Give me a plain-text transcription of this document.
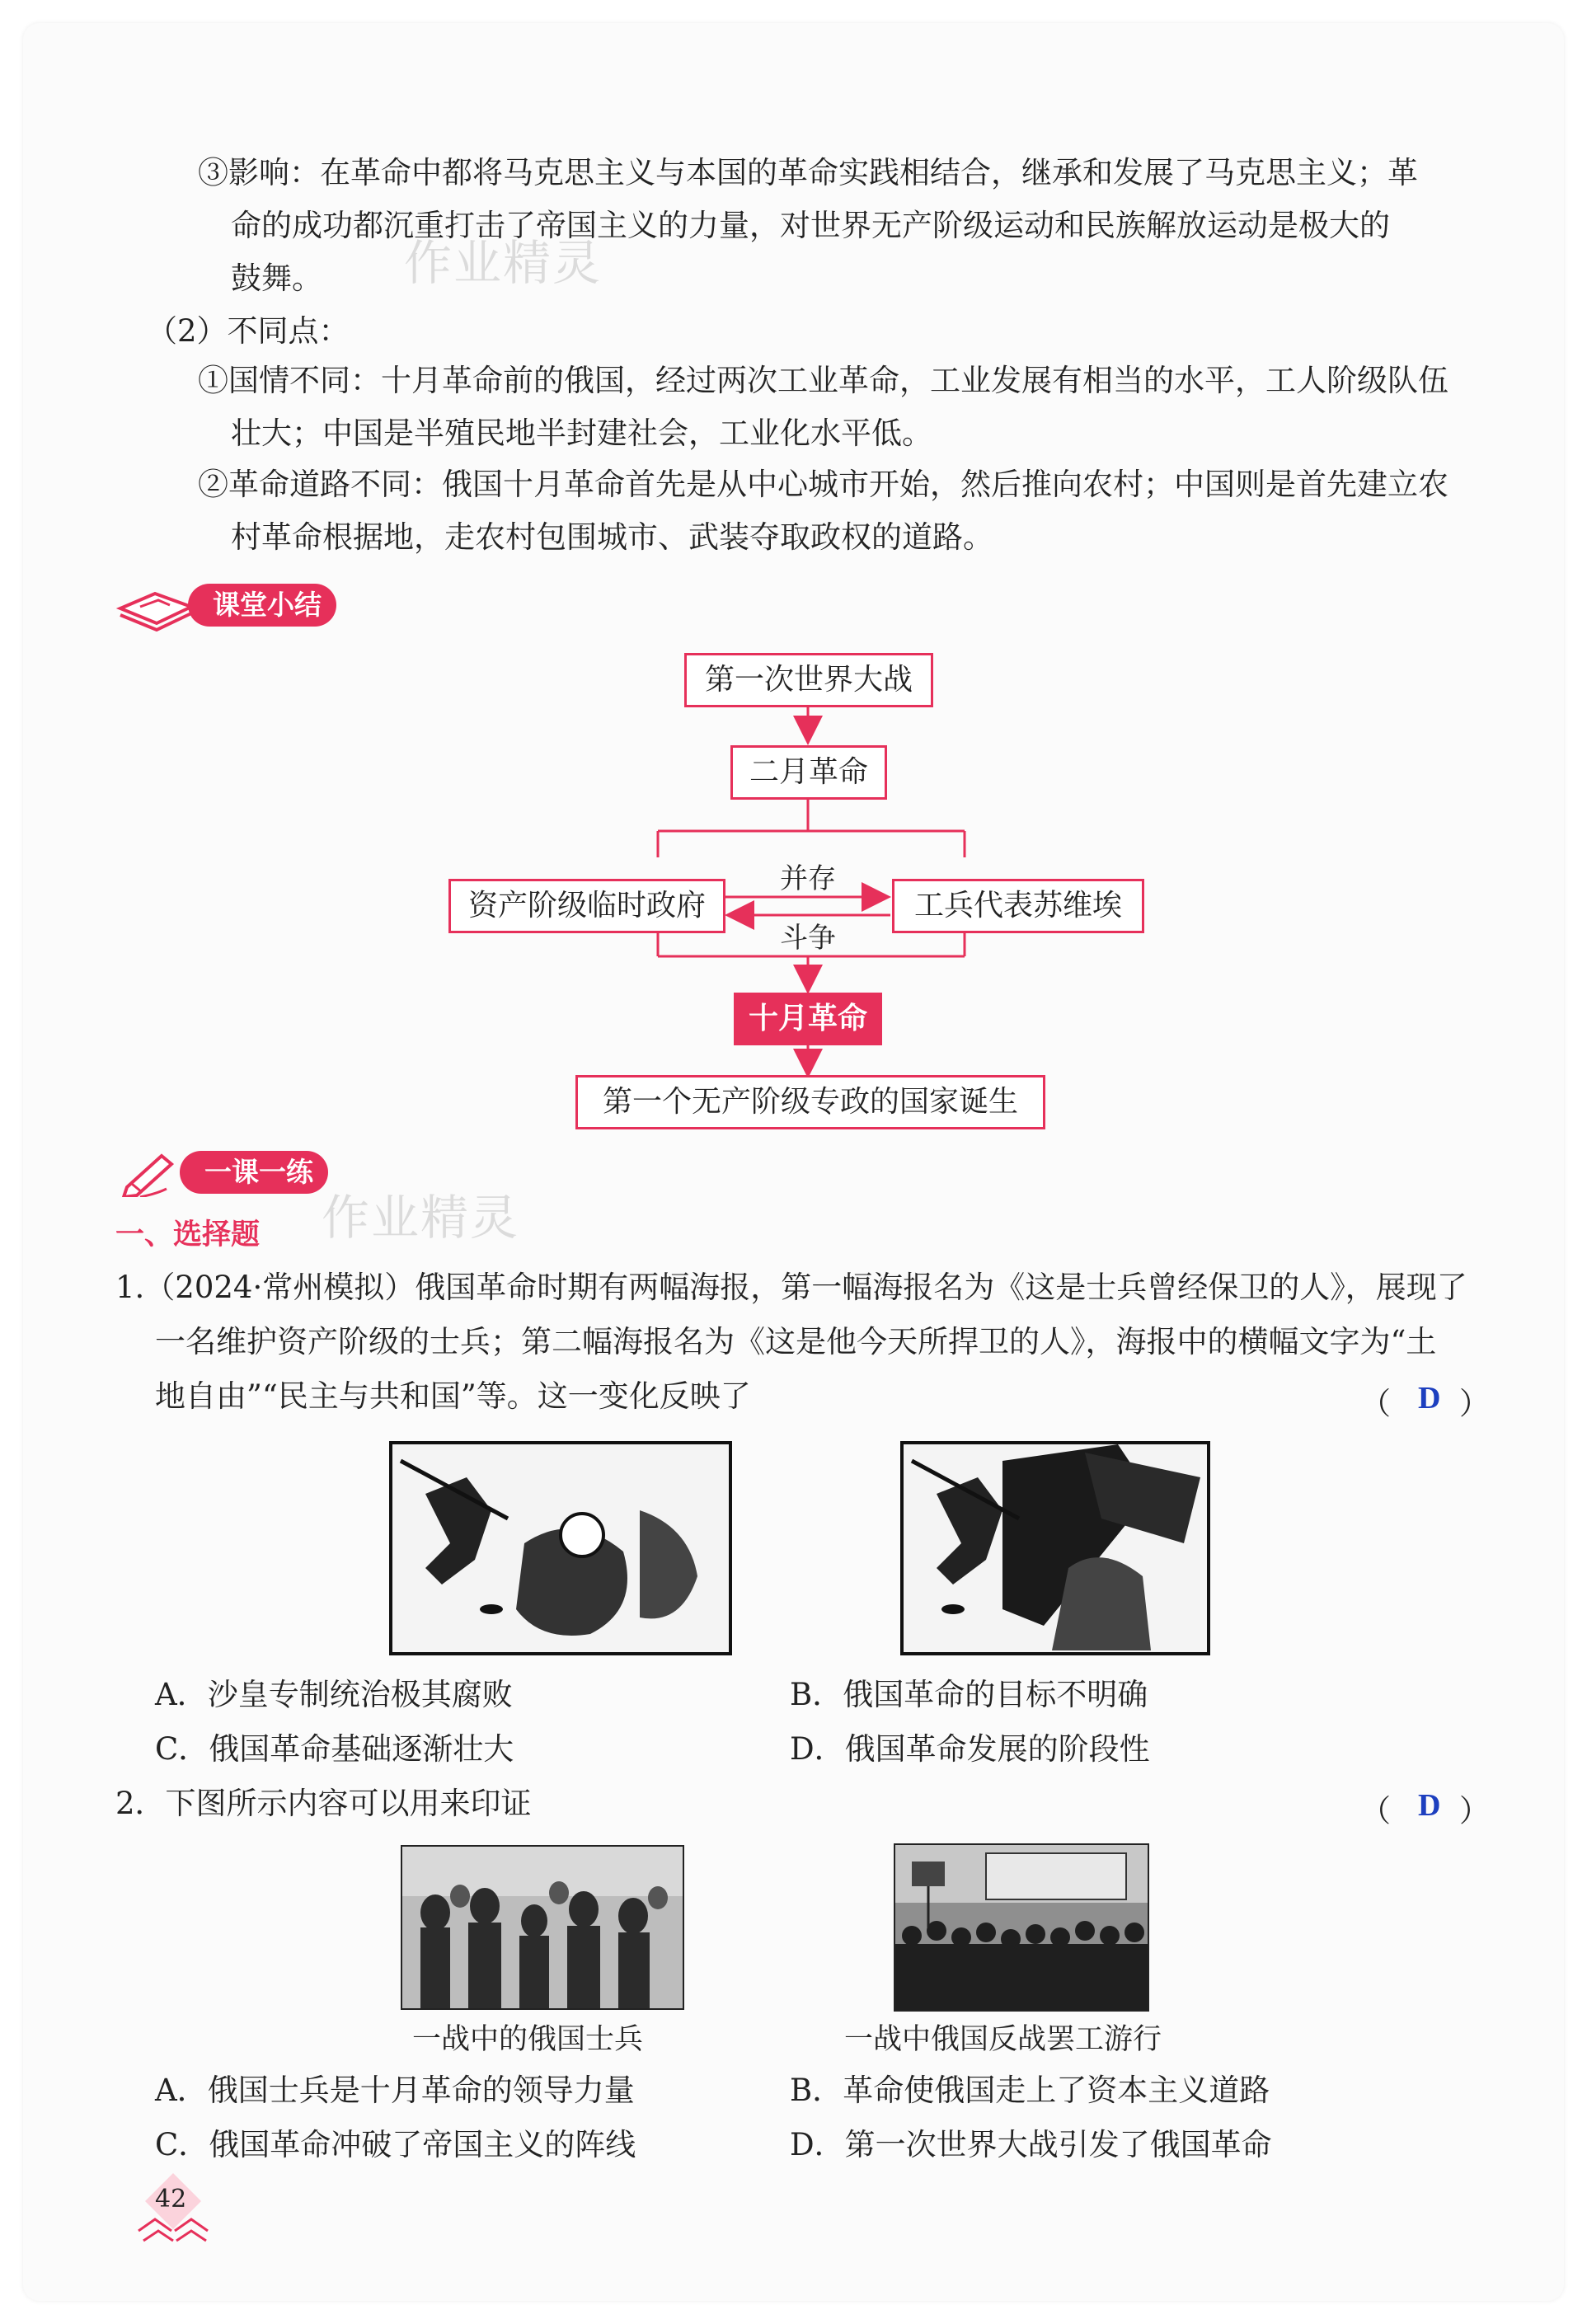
作业精灵
作业精灵
③影响：在革命中都将马克思主义与本国的革命实践相结合，继承和发展了马克思主义；革
命的成功都沉重打击了帝国主义的力量，对世界无产阶级运动和民族解放运动是极大的
鼓舞。
（2）不同点：
①国情不同：十月革命前的俄国，经过两次工业革命，工业发展有相当的水平，工人阶级队伍
壮大；中国是半殖民地半封建社会，工业化水平低。
②革命道路不同：俄国十月革命首先是从中心城市开始，然后推向农村；中国则是首先建立农
村革命根据地，走农村包围城市、武装夺取政权的道路。
课堂小结
第一次世界大战
二月革命
资产阶级临时政府	工兵代表苏维埃
并存
斗争
十月革命
第一个无产阶级专政的国家诞生
一课一练
一、选择题
1.（2024·常州模拟）俄国革命时期有两幅海报，第一幅海报名为《这是士兵曾经保卫的人》，展现了
一名维护资产阶级的士兵；第二幅海报名为《这是他今天所捍卫的人》，海报中的横幅文字为“土
地自由”“民主与共和国”等。这一变化反映了	（ D ）
A．沙皇专制统治极其腐败	B．俄国革命的目标不明确
C．俄国革命基础逐渐壮大	D．俄国革命发展的阶段性
2．下图所示内容可以用来印证	（ D ）
一战中的俄国士兵	一战中俄国反战罢工游行
A．俄国士兵是十月革命的领导力量	B．革命使俄国走上了资本主义道路
C．俄国革命冲破了帝国主义的阵线	D．第一次世界大战引发了俄国革命
42
